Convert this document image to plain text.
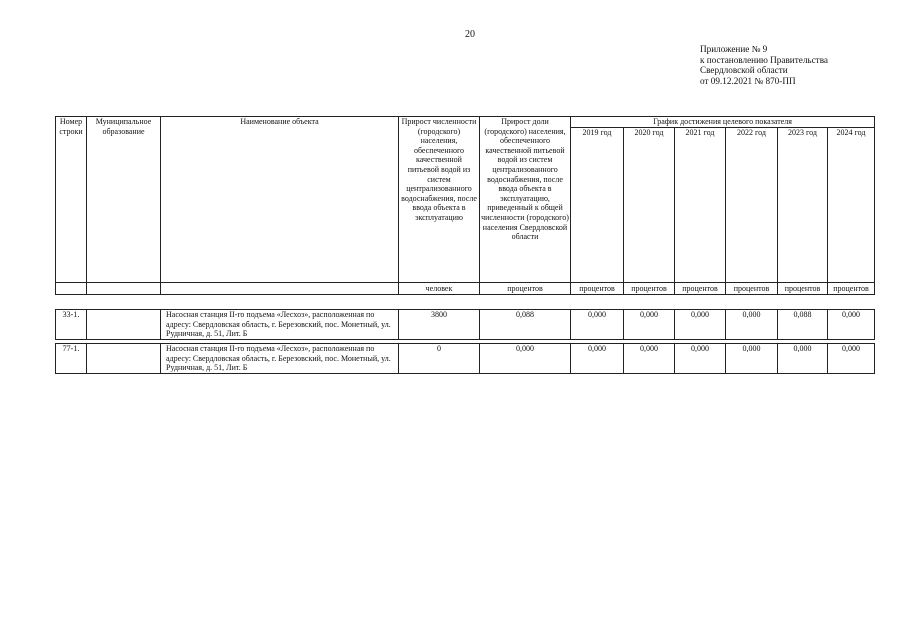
20
Приложение № 9
к постановлению Правительства
Свердловской области
от 09.12.2021 № 870-ПП
Номер строки	Муниципальное образование	Наименование объекта	Прирост численности (городского) населения, обеспеченного качественной питьевой водой из систем централизованного водоснабжения, после ввода объекта в эксплуатацию	Прирост доли (городского) населения, обеспеченного качественной питьевой водой из систем централизованного водоснабжения, после ввода объекта в эксплуатацию, приведенный к общей численности (городского) населения Свердловской области	График достижения целевого показателя					
					2019 год	2020 год	2021 год	2022 год	2023 год	2024 год
			человек	процентов	процентов	процентов	процентов	процентов	процентов	процентов
33-1.		Насосная станция II-го подъема «Лесхоз», расположенная по адресу: Свердловская область, г. Березовский, пос. Монетный, ул. Рудничная, д. 51, Лит. Б	3800	0,088	0,000	0,000	0,000	0,000	0,088	0,000
77-1.		Насосная станция II-го подъема «Лесхоз», расположенная по адресу: Свердловская область, г. Березовский, пос. Монетный, ул. Рудничная, д. 51, Лит. Б	0	0,000	0,000	0,000	0,000	0,000	0,000	0,000
